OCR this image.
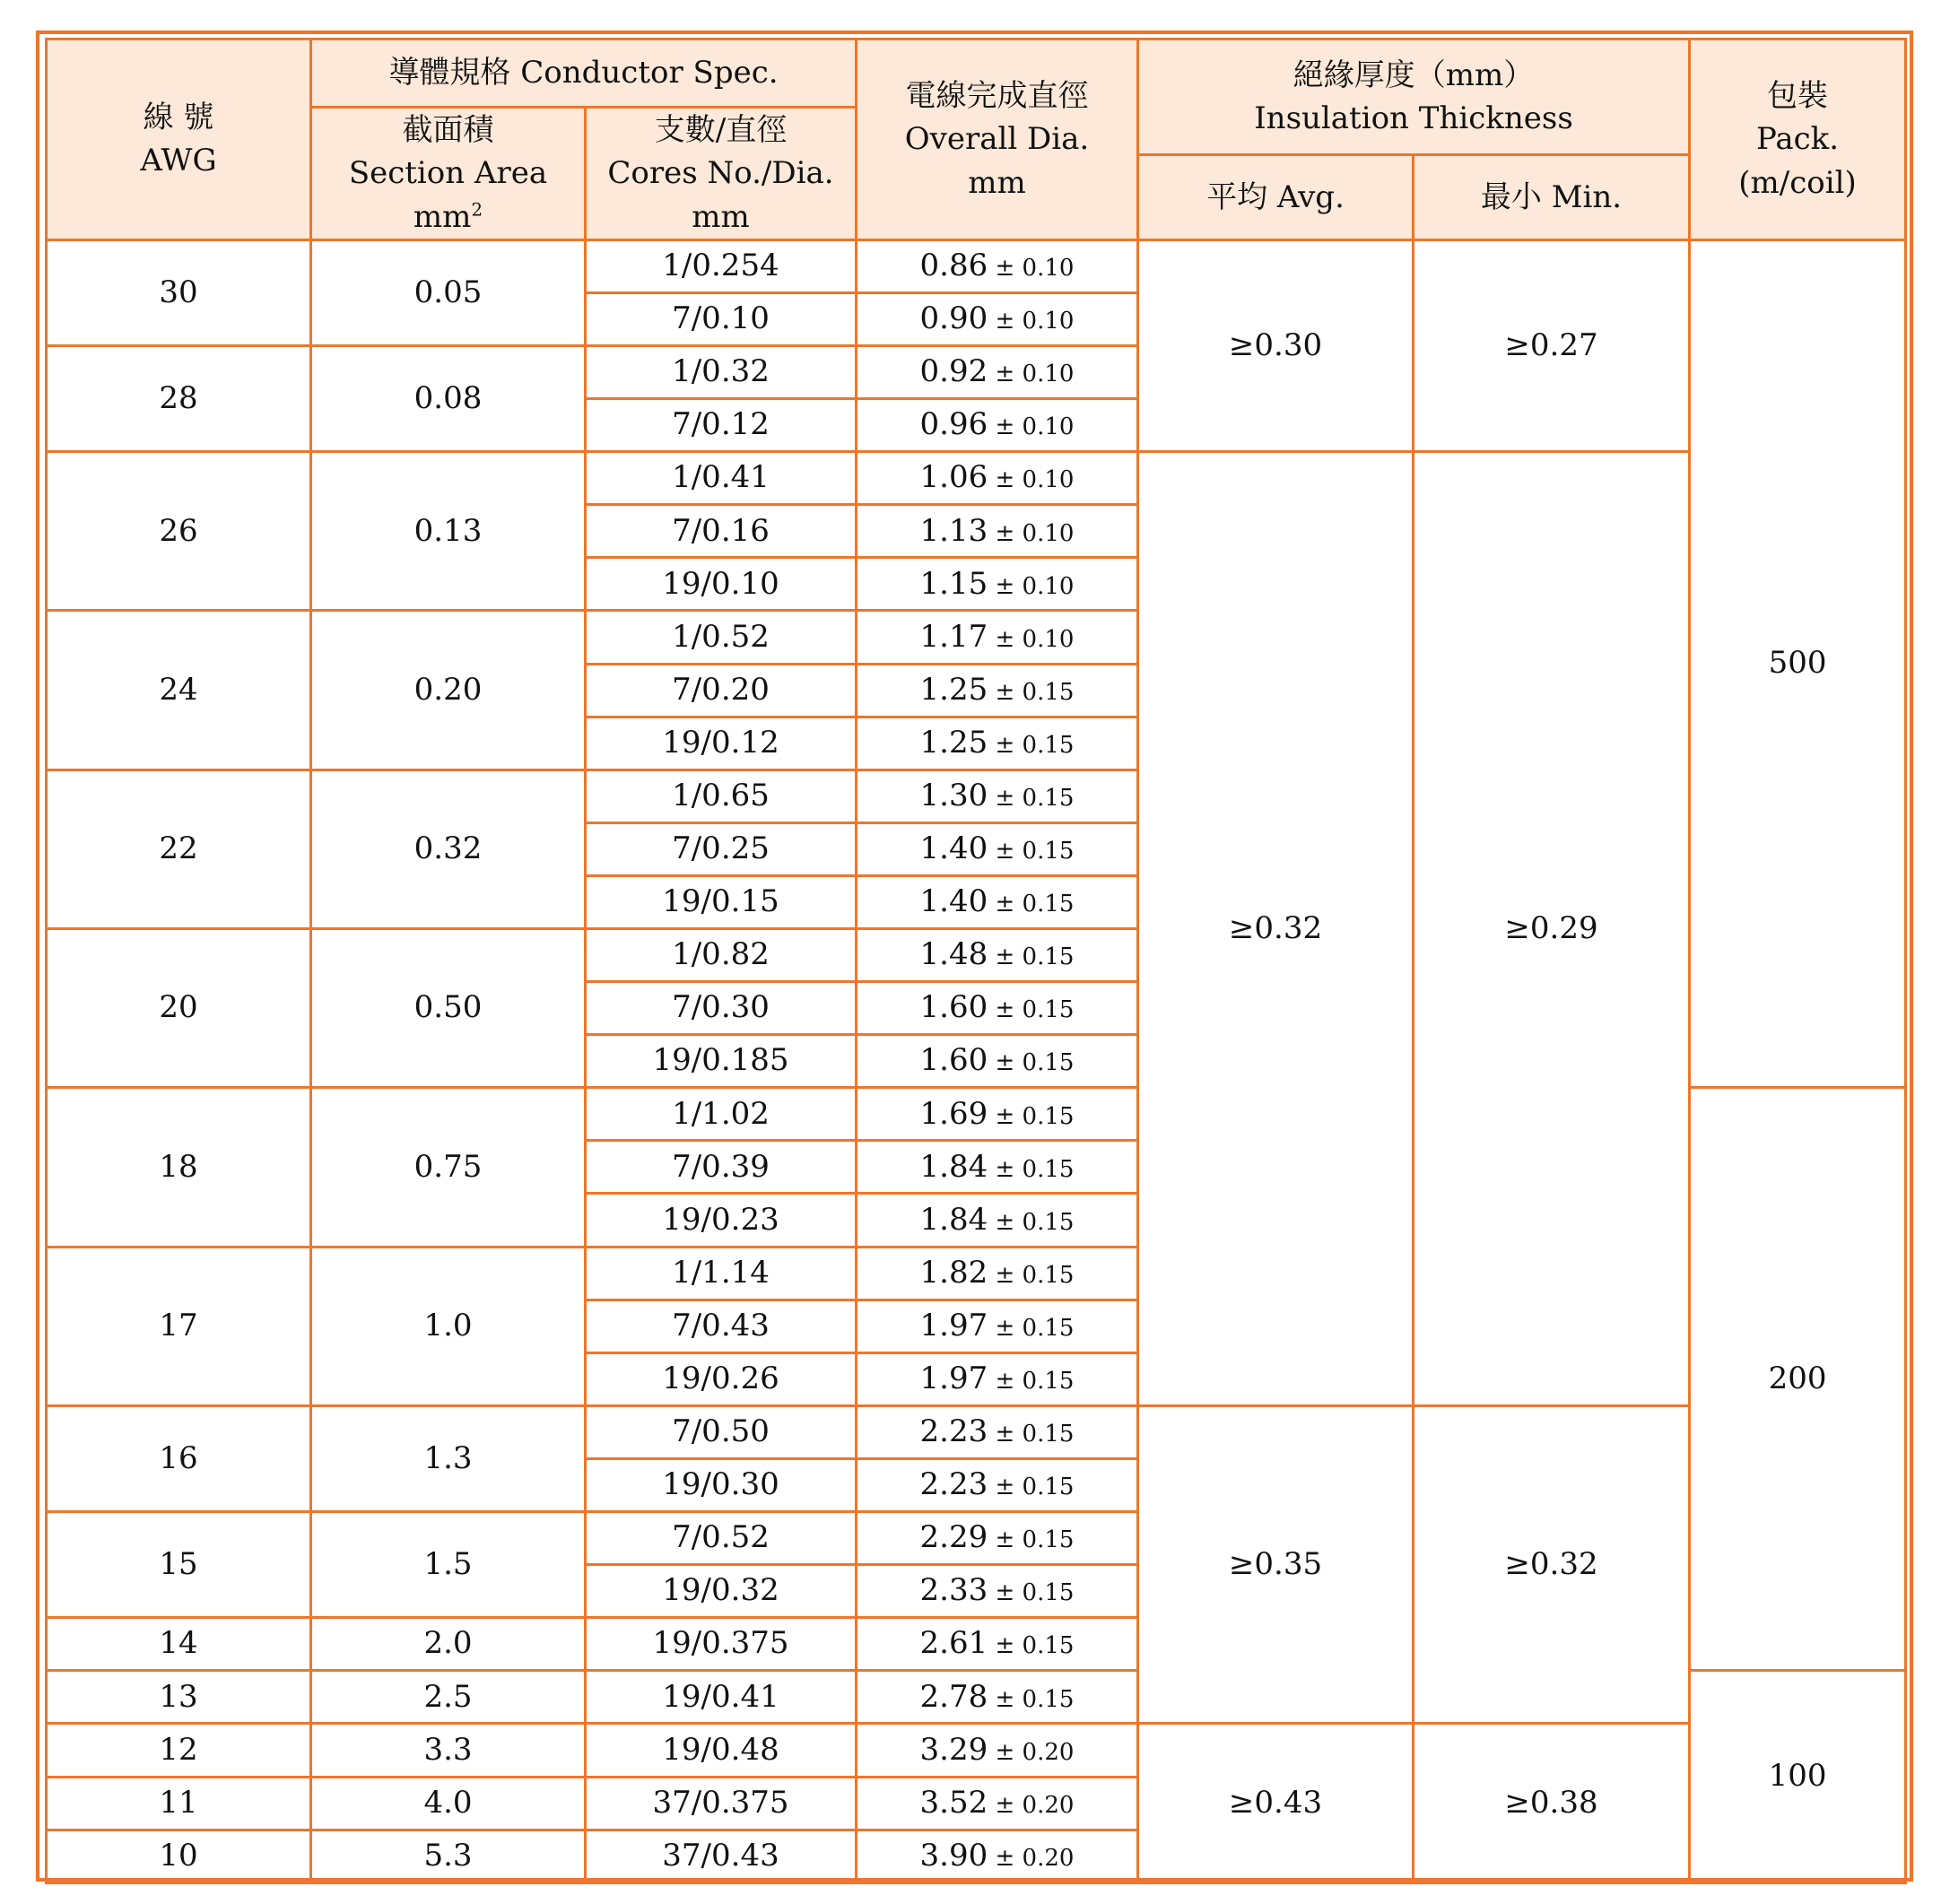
線 號
AWG	導體規格 Conductor Spec.		電線完成直徑
Overall Dia.
mm	絕緣厚度（mm）
Insulation Thickness		包裝
Pack.
(m/coil)

	截面積
Section Area
$mm^2$	支數/直徑
Cores No./Dia.
mm				

				平均 Avg.	最小 Min.	
30	0.05	1/0.254	0.86 ± 0.10	≥0.30	≥0.27	500
		7/0.10	0.90 ± 0.10			
28	0.08	1/0.32	0.92 ± 0.10			
		7/0.12	0.96 ± 0.10			
26	0.13	1/0.41	1.06 ± 0.10	≥0.32	≥0.29	
		7/0.16	1.13 ± 0.10			
		19/0.10	1.15 ± 0.10			
24	0.20	1/0.52	1.17 ± 0.10			
		7/0.20	1.25 ± 0.15			
		19/0.12	1.25 ± 0.15			
22	0.32	1/0.65	1.30 ± 0.15			
		7/0.25	1.40 ± 0.15			
		19/0.15	1.40 ± 0.15			
20	0.50	1/0.82	1.48 ± 0.15			
		7/0.30	1.60 ± 0.15			
		19/0.185	1.60 ± 0.15			
18	0.75	1/1.02	1.69 ± 0.15			200
		7/0.39	1.84 ± 0.15			
		19/0.23	1.84 ± 0.15			
17	1.0	1/1.14	1.82 ± 0.15			
		7/0.43	1.97 ± 0.15			
		19/0.26	1.97 ± 0.15			
16	1.3	7/0.50	2.23 ± 0.15	≥0.35	≥0.32	
		19/0.30	2.23 ± 0.15			
15	1.5	7/0.52	2.29 ± 0.15			
		19/0.32	2.33 ± 0.15			
14	2.0	19/0.375	2.61 ± 0.15			
13	2.5	19/0.41	2.78 ± 0.15			100
12	3.3	19/0.48	3.29 ± 0.20	≥0.43	≥0.38	
11	4.0	37/0.375	3.52 ± 0.20			
10	5.3	37/0.43	3.90 ± 0.20			
